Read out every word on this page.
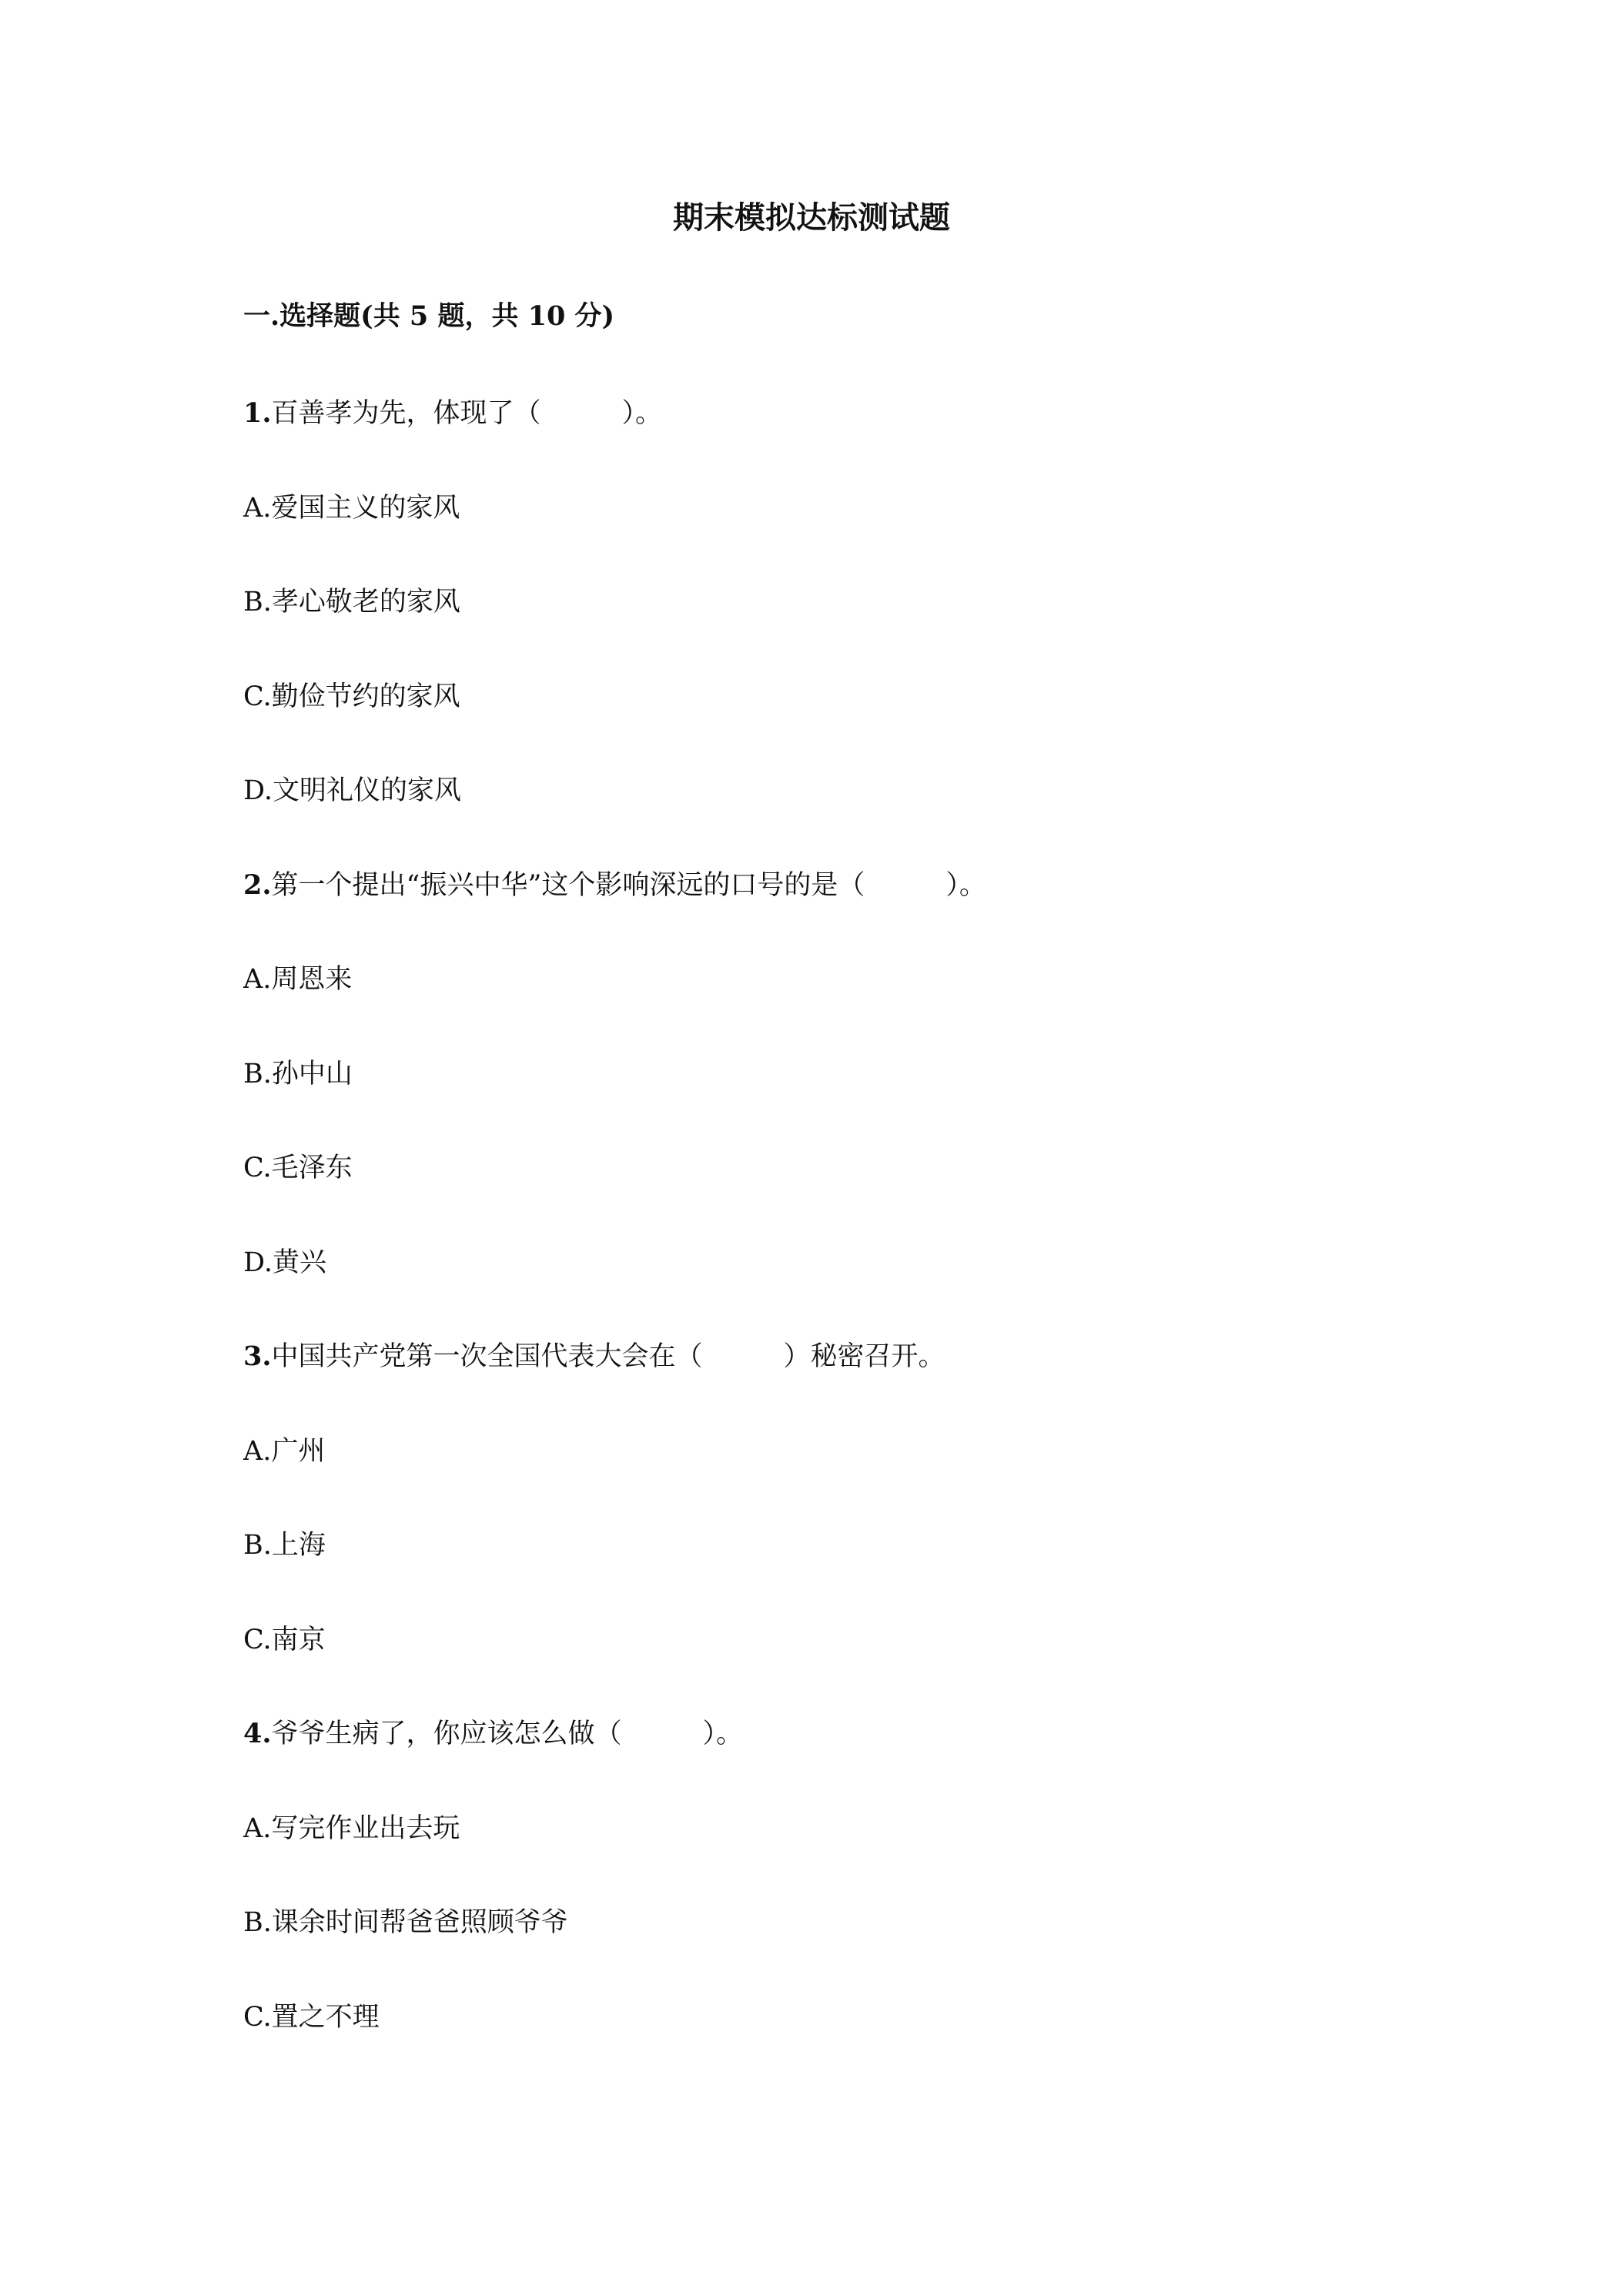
期末模拟达标测试题
一.选择题(共 5 题，共 10 分)
1.百善孝为先，体现了（　　　）。
A.爱国主义的家风
B.孝心敬老的家风
C.勤俭节约的家风
D.文明礼仪的家风
2.第一个提出“振兴中华”这个影响深远的口号的是（　　　）。
A.周恩来
B.孙中山
C.毛泽东
D.黄兴
3.中国共产党第一次全国代表大会在（　　　）秘密召开。
A.广州
B.上海
C.南京
4.爷爷生病了，你应该怎么做（　　　）。
A.写完作业出去玩
B.课余时间帮爸爸照顾爷爷
C.置之不理
